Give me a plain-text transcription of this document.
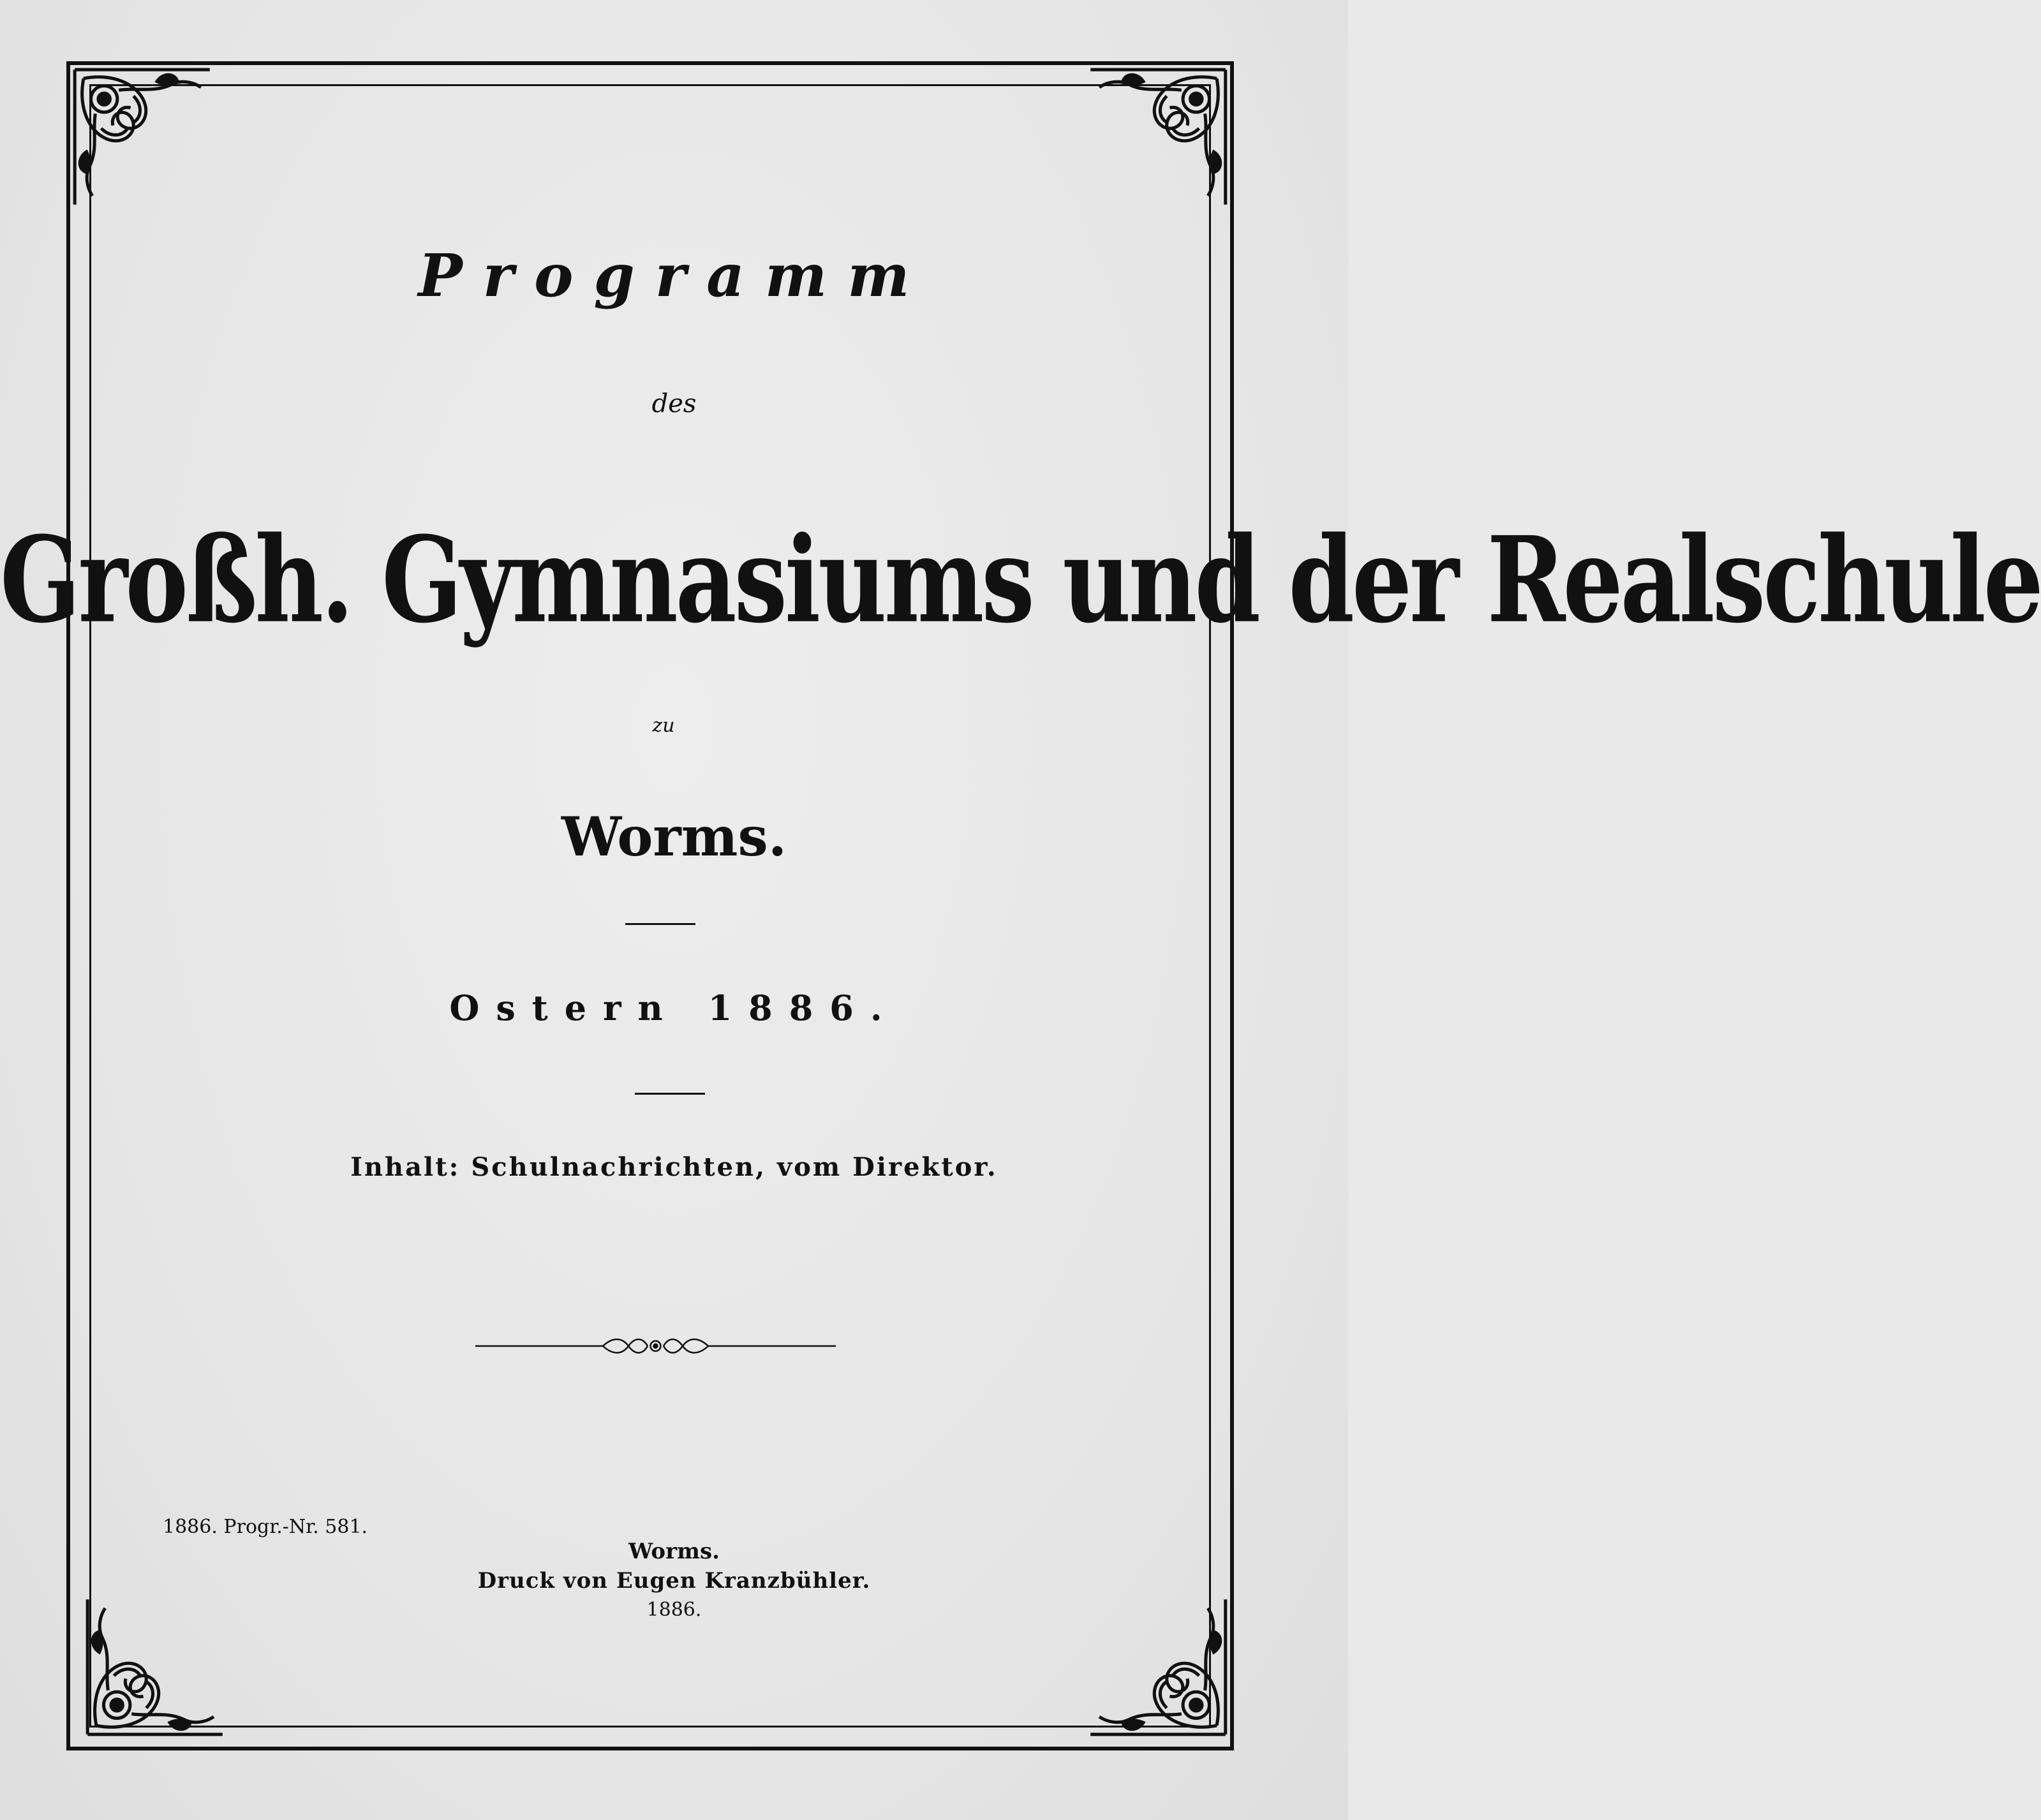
Programm
des
Großh. Gymnasiums und der Realschule
zu
Worms.
Ostern 1886.
Inhalt: Schulnachrichten, vom Direktor.
1886. Progr.-Nr. 581.
Worms.
Druck von Eugen Kranzbühler.
1886.
